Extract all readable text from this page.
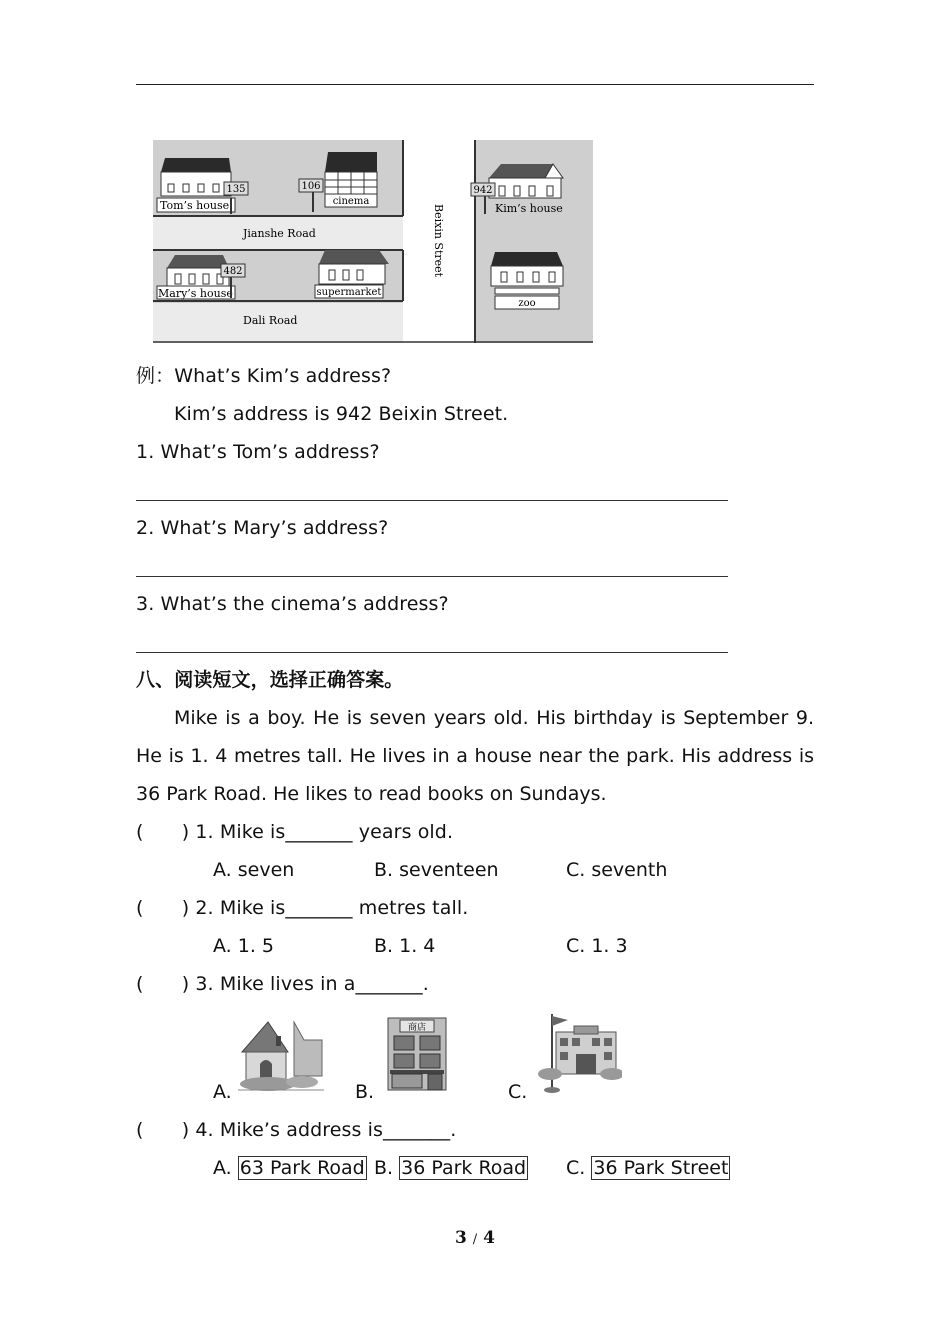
135
Tom’s house
106
cinema
Jianshe Road
942
Kim’s house
Beixin Street
482
Mary’s house	supermarket
zoo
Dali Road
例：What’s Kim’s address?
Kim’s address is 942 Beixin Street.
1. What’s Tom’s address?
2. What’s Mary’s address?
3. What’s the cinema’s address?
八、阅读短文，选择正确答案。
Mike is a boy. He is seven years old. His birthday is September 9. He is 1. 4 metres tall. He lives in a house near the park. His address is 36 Park Road. He likes to read books on Sundays.
(  ) 1. Mike is_______ years old.
A. seven	B. seventeen	C. seventh
(  ) 2. Mike is_______ metres tall.
A. 1. 5	B. 1. 4	C. 1. 3
(  ) 3. Mike lives in a_______.
A.	B.
商店
C.
(  ) 4. Mike’s address is_______.
A. 63 Park Road B. 36 Park Road C. 36 Park Street
3 / 4
